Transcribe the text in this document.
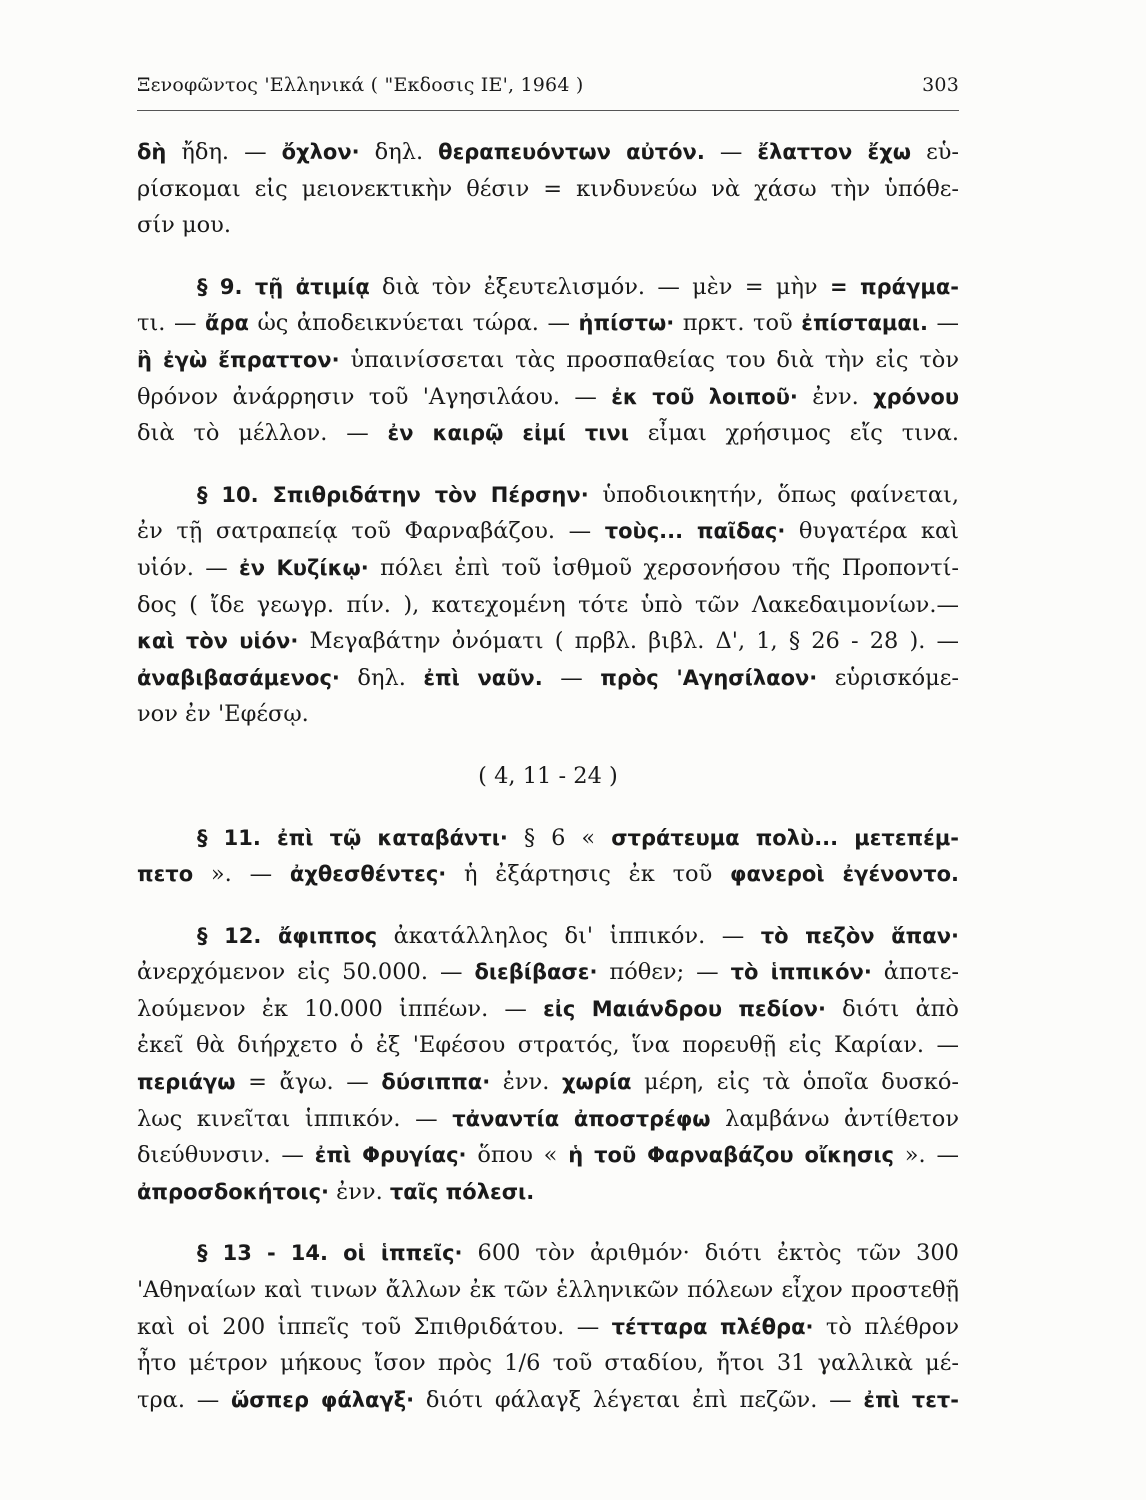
Ξενοφῶντος 'Ελληνικά ( "Εκδοσις ΙΕ', 1964 )	303
δὴ ἤδη. — ὄχλον· δηλ. θεραπευόντων αὐτόν. — ἔλαττον ἔχω εὑ-
ρίσκομαι εἰς μειονεκτικὴν θέσιν = κινδυνεύω νὰ χάσω τὴν ὑπόθε-
σίν μου.
§ 9. τῇ ἀτιμίᾳ διὰ τὸν ἐξευτελισμόν. — μὲν = μὴν = πράγμα-
τι. — ἄρα ὡς ἀποδεικνύεται τώρα. — ἠπίστω· πρκτ. τοῦ ἐπίσταμαι. —
ἢ ἐγὼ ἔπραττον· ὑπαινίσσεται τὰς προσπαθείας του διὰ τὴν εἰς τὸν
θρόνον ἀνάρρησιν τοῦ 'Αγησιλάου. — ἐκ τοῦ λοιποῦ· ἐνν. χρόνου
διὰ τὸ μέλλον. — ἐν καιρῷ εἰμί τινι εἶμαι χρήσιμος εἴς τινα.
§ 10. Σπιθριδάτην τὸν Πέρσην· ὑποδιοικητήν, ὅπως φαίνεται,
ἐν τῇ σατραπείᾳ τοῦ Φαρναβάζου. — τοὺς... παῖδας· θυγατέρα καὶ
υἱόν. — ἐν Κυζίκῳ· πόλει ἐπὶ τοῦ ἰσθμοῦ χερσονήσου τῆς Προποντί-
δος ( ἴδε γεωγρ. πίν. ), κατεχομένη τότε ὑπὸ τῶν Λακεδαιμονίων.—
καὶ τὸν υἱόν· Μεγαβάτην ὀνόματι ( πρβλ. βιβλ. Δ', 1, § 26 - 28 ). —
ἀναβιβασάμενος· δηλ. ἐπὶ ναῦν. — πρὸς 'Αγησίλαον· εὑρισκόμε-
νον ἐν 'Εφέσῳ.
( 4, 11 - 24 )
§ 11. ἐπὶ τῷ καταβάντι· § 6 « στράτευμα πολὺ... μετεπέμ-
πετο ». — ἀχθεσθέντες· ἡ ἐξάρτησις ἐκ τοῦ φανεροὶ ἐγένοντο.
§ 12. ἄφιππος ἀκατάλληλος δι' ἱππικόν. — τὸ πεζὸν ἅπαν·
ἀνερχόμενον εἰς 50.000. — διεβίβασε· πόθεν; — τὸ ἱππικόν· ἀποτε-
λούμενον ἐκ 10.000 ἱππέων. — εἰς Μαιάνδρου πεδίον· διότι ἀπὸ
ἐκεῖ θὰ διήρχετο ὁ ἐξ 'Εφέσου στρατός, ἵνα πορευθῇ εἰς Καρίαν. —
περιάγω = ἄγω. — δύσιππα· ἐνν. χωρία μέρη, εἰς τὰ ὁποῖα δυσκό-
λως κινεῖται ἱππικόν. — τἀναντία ἀποστρέφω λαμβάνω ἀντίθετον
διεύθυνσιν. — ἐπὶ Φρυγίας· ὅπου « ἡ τοῦ Φαρναβάζου οἴκησις ». —
ἀπροσδοκήτοις· ἐνν. ταῖς πόλεσι.
§ 13 - 14. οἱ ἱππεῖς· 600 τὸν ἀριθμόν· διότι ἐκτὸς τῶν 300
'Αθηναίων καὶ τινων ἄλλων ἐκ τῶν ἑλληνικῶν πόλεων εἶχον προστεθῇ
καὶ οἱ 200 ἱππεῖς τοῦ Σπιθριδάτου. — τέτταρα πλέθρα· τὸ πλέθρον
ἦτο μέτρον μήκους ἴσον πρὸς 1/6 τοῦ σταδίου, ἤτοι 31 γαλλικὰ μέ-
τρα. — ὥσπερ φάλαγξ· διότι φάλαγξ λέγεται ἐπὶ πεζῶν. — ἐπὶ τετ-
